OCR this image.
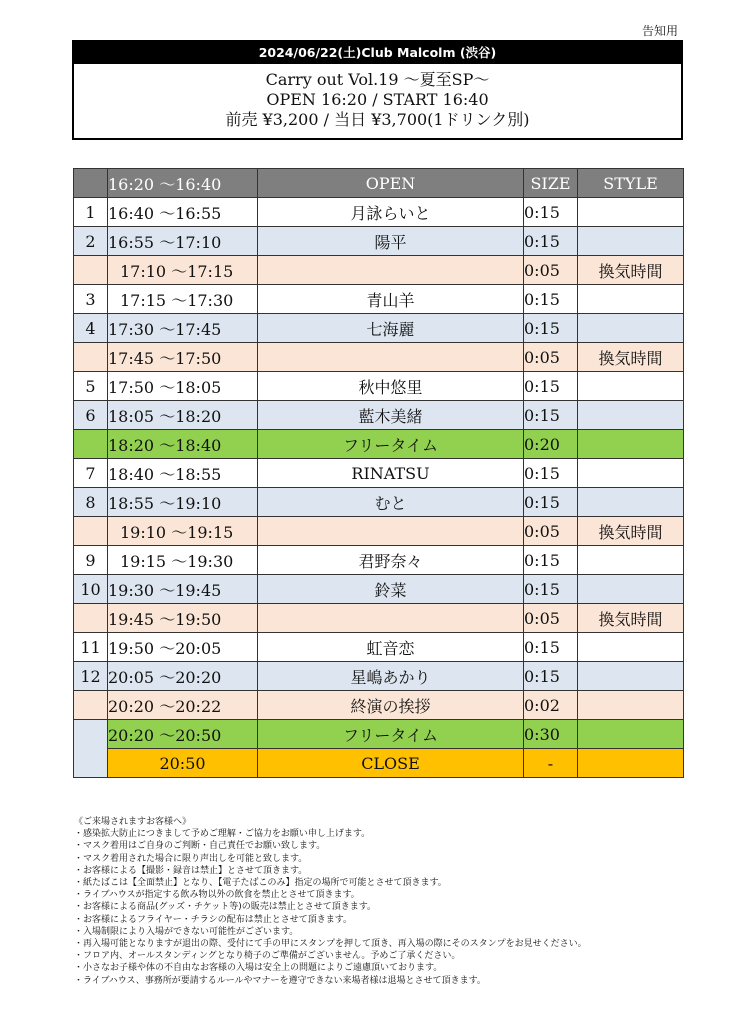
告知用
2024/06/22(土)Club Malcolm (渋谷)
Carry out Vol.19 ～夏至SP～
OPEN 16:20 / START 16:40
前売 ¥3,200 / 当日 ¥3,700(1ドリンク別)
	16:20 ～16:40	OPEN	SIZE	STYLE
1	16:40 ～16:55	月詠らいと	0:15	
2	16:55 ～17:10	陽平	0:15	
	17:10 ～17:15		0:05	換気時間
3	17:15 ～17:30	青山羊	0:15	
4	17:30 ～17:45	七海麗	0:15	
	17:45 ～17:50		0:05	換気時間
5	17:50 ～18:05	秋中悠里	0:15	
6	18:05 ～18:20	藍木美緒	0:15	
	18:20 ～18:40	フリータイム	0:20	
7	18:40 ～18:55	RINATSU	0:15	
8	18:55 ～19:10	むと	0:15	
	19:10 ～19:15		0:05	換気時間
9	19:15 ～19:30	君野奈々	0:15	
10	19:30 ～19:45	鈴菜	0:15	
	19:45 ～19:50		0:05	換気時間
11	19:50 ～20:05	虹音恋	0:15	
12	20:05 ～20:20	星嶋あかり	0:15	
	20:20 ～20:22	終演の挨拶	0:02	
	20:20 ～20:50	フリータイム	0:30	
	20:50	CLOSE	-	
《ご来場されますお客様へ》
・感染拡大防止につきまして予めご理解・ご協力をお願い申し上げます。
・マスク着用はご自身のご判断・自己責任でお願い致します。
・マスク着用された場合に限り声出しを可能と致します。
・お客様による【撮影・録音は禁止】とさせて頂きます。
・紙たばこは【全面禁止】となり、【電子たばこのみ】指定の場所で可能とさせて頂きます。
・ライブハウスが指定する飲み物以外の飲食を禁止とさせて頂きます。
・お客様による商品(グッズ・チケット等)の販売は禁止とさせて頂きます。
・お客様によるフライヤー・チラシの配布は禁止とさせて頂きます。
・入場制限により入場ができない可能性がございます。
・再入場可能となりますが退出の際、受付にて手の甲にスタンプを押して頂き、再入場の際にそのスタンプをお見せください。
・フロア内、オールスタンディングとなり椅子のご準備がございません。予めご了承ください。
・小さなお子様や体の不自由なお客様の入場は安全上の問題によりご遠慮頂いております。
・ライブハウス、事務所が要請するルールやマナーを遵守できない来場者様は退場とさせて頂きます。
